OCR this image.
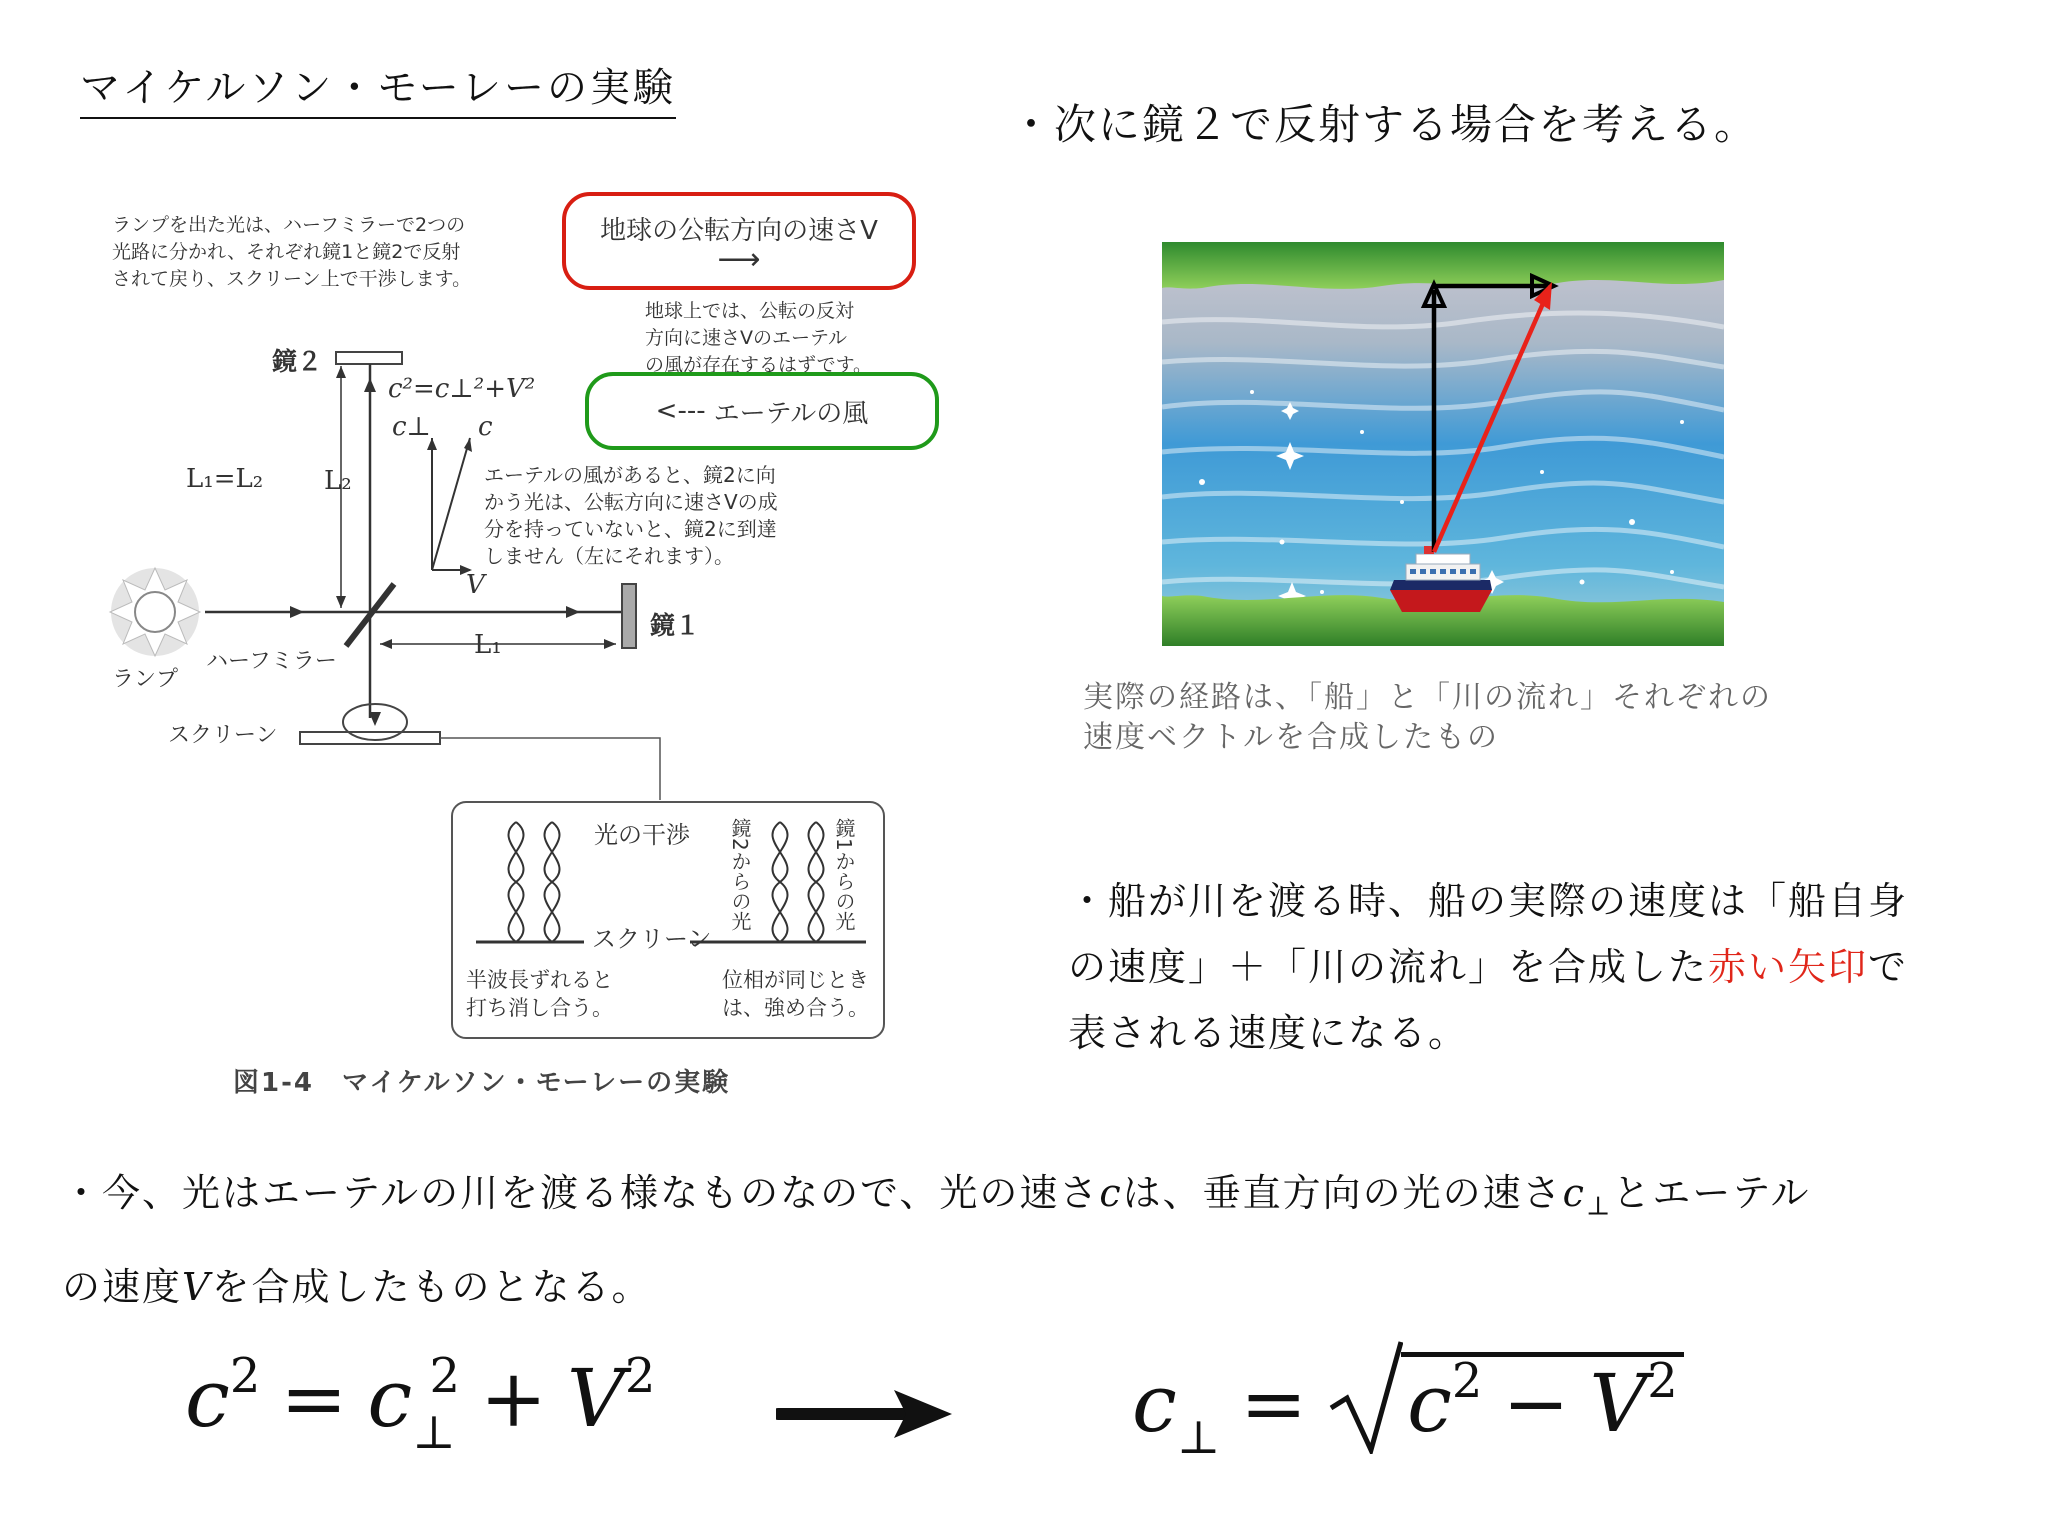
マイケルソン・モーレーの実験
・次に鏡２で反射する場合を考える。
ランプを出た光は、ハーフミラーで2つの
光路に分かれ、それぞれ鏡1と鏡2で反射
されて戻り、スクリーン上で干渉します。
地球の公転方向の速さV
⟶
地球上では、公転の反対
方向に速さVのエーテル
の風が存在するはずです。
<--- エーテルの風
鏡２
鏡１
ランプ
ハーフミラー
スクリーン
L₁=L₂ L₂
L₁
c²=c⊥²+V²
c⊥ c
V
エーテルの風があると、鏡2に向
かう光は、公転方向に速さVの成
分を持っていないと、鏡2に到達
しません（左にそれます）。
光の干渉
スクリーン
鏡2からの光	鏡1からの光
半波長ずれると
打ち消し合う。
位相が同じとき
は、強め合う。
図1-4　マイケルソン・モーレーの実験
実際の経路は、「船」と「川の流れ」それぞれの
速度ベクトルを合成したもの
・船が川を渡る時、船の実際の速度は「船自身の速度」＋「川の流れ」を合成した赤い矢印で表される速度になる。
・今、光はエーテルの川を渡る様なものなので、光の速さcは、垂直方向の光の速さ$c_\perp$とエーテル
の速度Vを合成したものとなる。
$c^2 = c_\perp^2 + V^2$	$c_\perp = c^2 - V^2$
